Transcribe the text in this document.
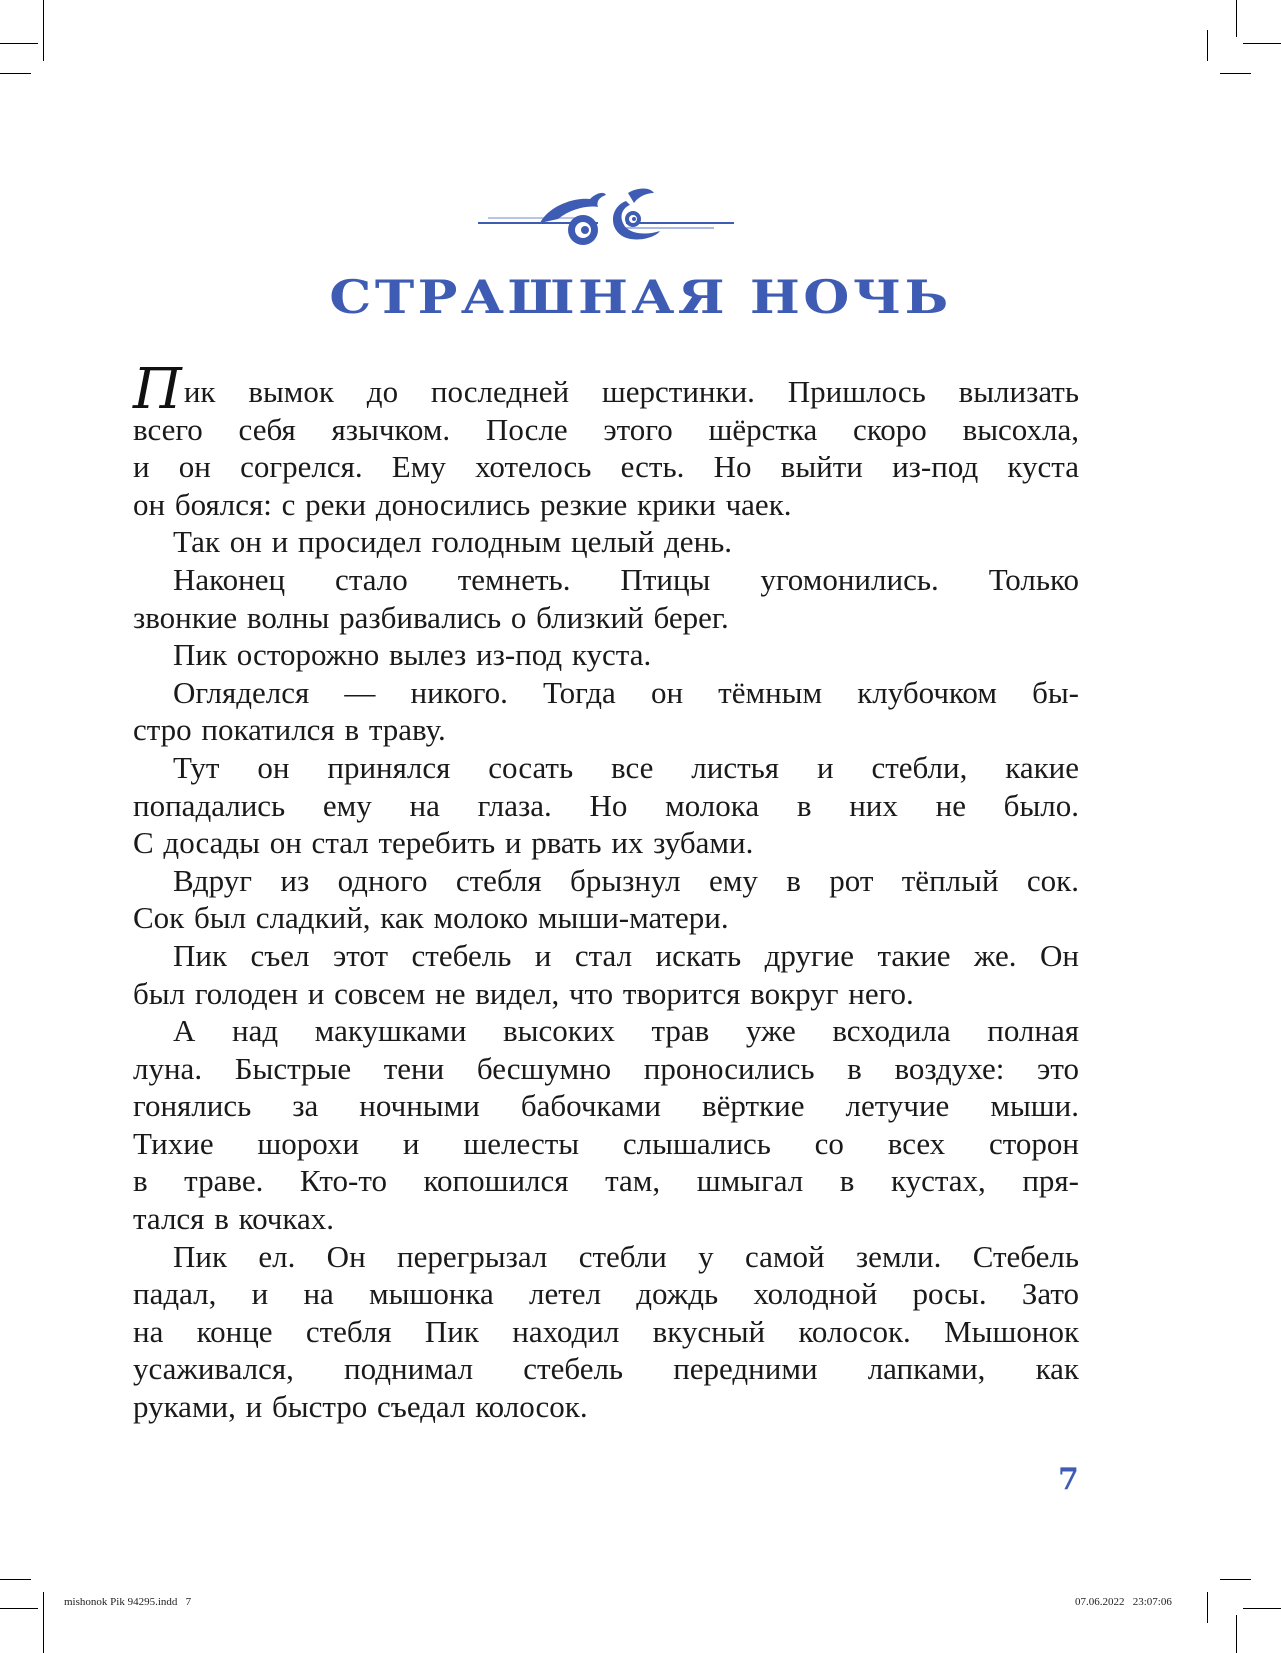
СТРАШНАЯ НОЧЬ

Пик вымок до последней шерстинки. Пришлось вылизать
всего себя язычком. После этого шёрстка скоро высохла,
и он согрелся. Ему хотелось есть. Но выйти из-под куста
он боялся: с реки доносились резкие крики чаек.

Так он и просидел голодным целый день.

Наконец стало темнеть. Птицы угомонились. Только
звонкие волны разбивались о близкий берег.

Пик осторожно вылез из-под куста.

Огляделся — никого. Тогда он тёмным клубочком бы-
стро покатился в траву.

Тут он принялся сосать все листья и стебли, какие
попадались ему на глаза. Но молока в них не было.
С досады он стал теребить и рвать их зубами.

Вдруг из одного стебля брызнул ему в рот тёплый сок.
Сок был сладкий, как молоко мыши-матери.

Пик съел этот стебель и стал искать другие такие же. Он
был голоден и совсем не видел, что творится вокруг него.

А над макушками высоких трав уже всходила полная
луна. Быстрые тени бесшумно проносились в воздухе: это
гонялись за ночными бабочками вёрткие летучие мыши.
Тихие шорохи и шелесты слышались со всех сторон
в траве. Кто-то копошился там, шмыгал в кустах, пря-
тался в кочках.

Пик ел. Он перегрызал стебли у самой земли. Стебель
падал, и на мышонка летел дождь холодной росы. Зато
на конце стебля Пик находил вкусный колосок. Мышонок
усаживался, поднимал стебель передними лапками, как
руками, и быстро съедал колосок.

7
mishonok Pik 94295.indd   7	07.06.2022   23:07:06
